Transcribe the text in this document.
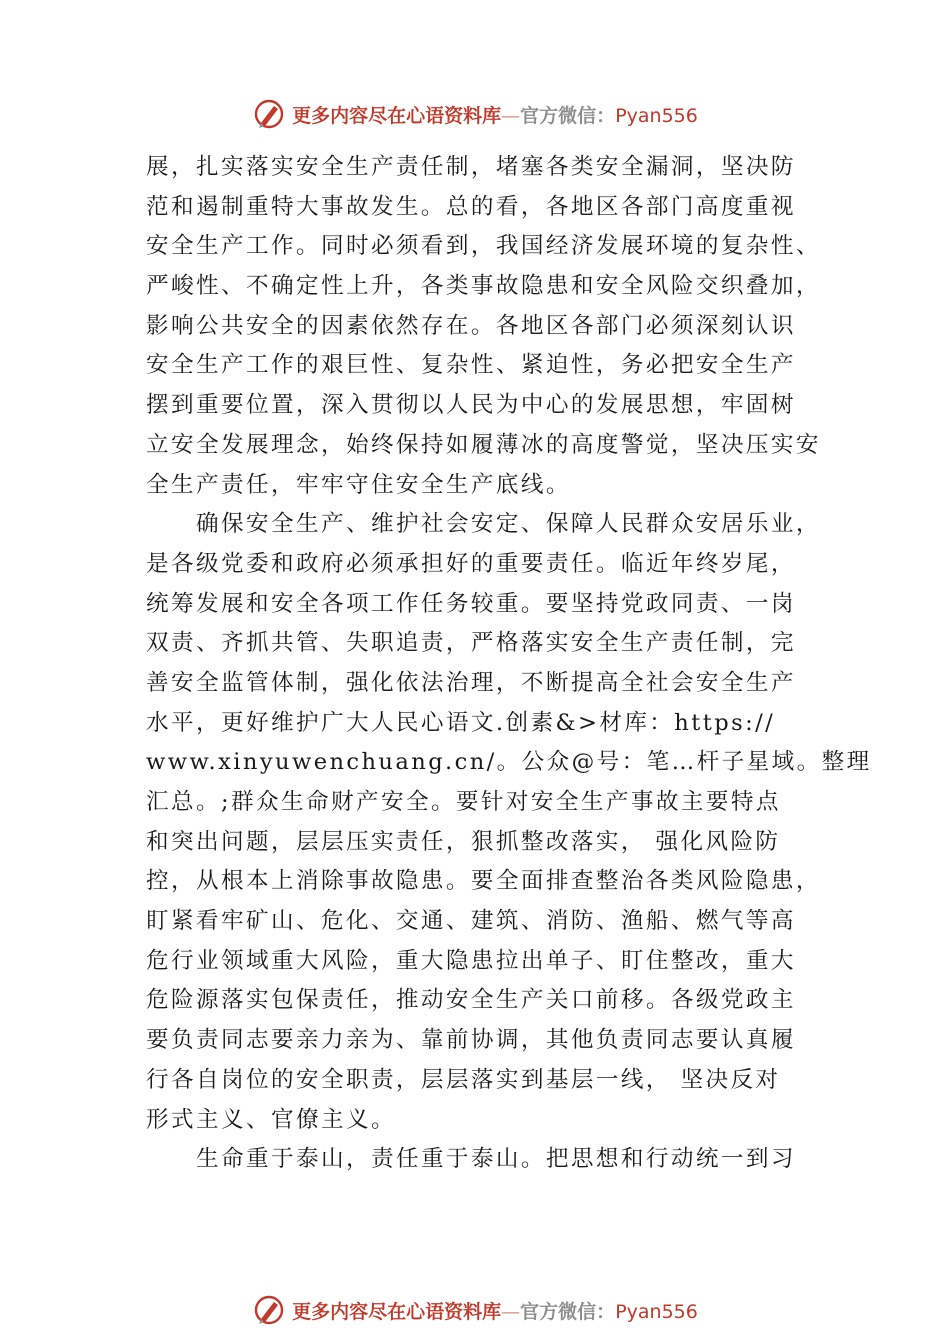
更多内容尽在心语资料库—官方微信：Pyan556
展，扎实落实安全生产责任制，堵塞各类安全漏洞，坚决防
范和遏制重特大事故发生。总的看，各地区各部门高度重视
安全生产工作。同时必须看到，我国经济发展环境的复杂性、
严峻性、不确定性上升，各类事故隐患和安全风险交织叠加，
影响公共安全的因素依然存在。各地区各部门必须深刻认识
安全生产工作的艰巨性、复杂性、紧迫性，务必把安全生产
摆到重要位置，深入贯彻以人民为中心的发展思想，牢固树
立安全发展理念，始终保持如履薄冰的高度警觉，坚决压实安
全生产责任，牢牢守住安全生产底线。
确保安全生产、维护社会安定、保障人民群众安居乐业，
是各级党委和政府必须承担好的重要责任。临近年终岁尾，
统筹发展和安全各项工作任务较重。要坚持党政同责、一岗
双责、齐抓共管、失职追责，严格落实安全生产责任制，完
善安全监管体制，强化依法治理，不断提高全社会安全生产
水平，更好维护广大人民心语文.创素&>材库：https://
www.xinyuwenchuang.cn/。公众@号：笔…杆子星域。整理
汇总。;群众生命财产安全。要针对安全生产事故主要特点
和突出问题，层层压实责任，狠抓整改落实， 强化风险防
控，从根本上消除事故隐患。要全面排查整治各类风险隐患，
盯紧看牢矿山、危化、交通、建筑、消防、渔船、燃气等高
危行业领域重大风险，重大隐患拉出单子、盯住整改，重大
危险源落实包保责任，推动安全生产关口前移。各级党政主
要负责同志要亲力亲为、靠前协调，其他负责同志要认真履
行各自岗位的安全职责，层层落实到基层一线， 坚决反对
形式主义、官僚主义。
生命重于泰山，责任重于泰山。把思想和行动统一到习
更多内容尽在心语资料库—官方微信：Pyan556
